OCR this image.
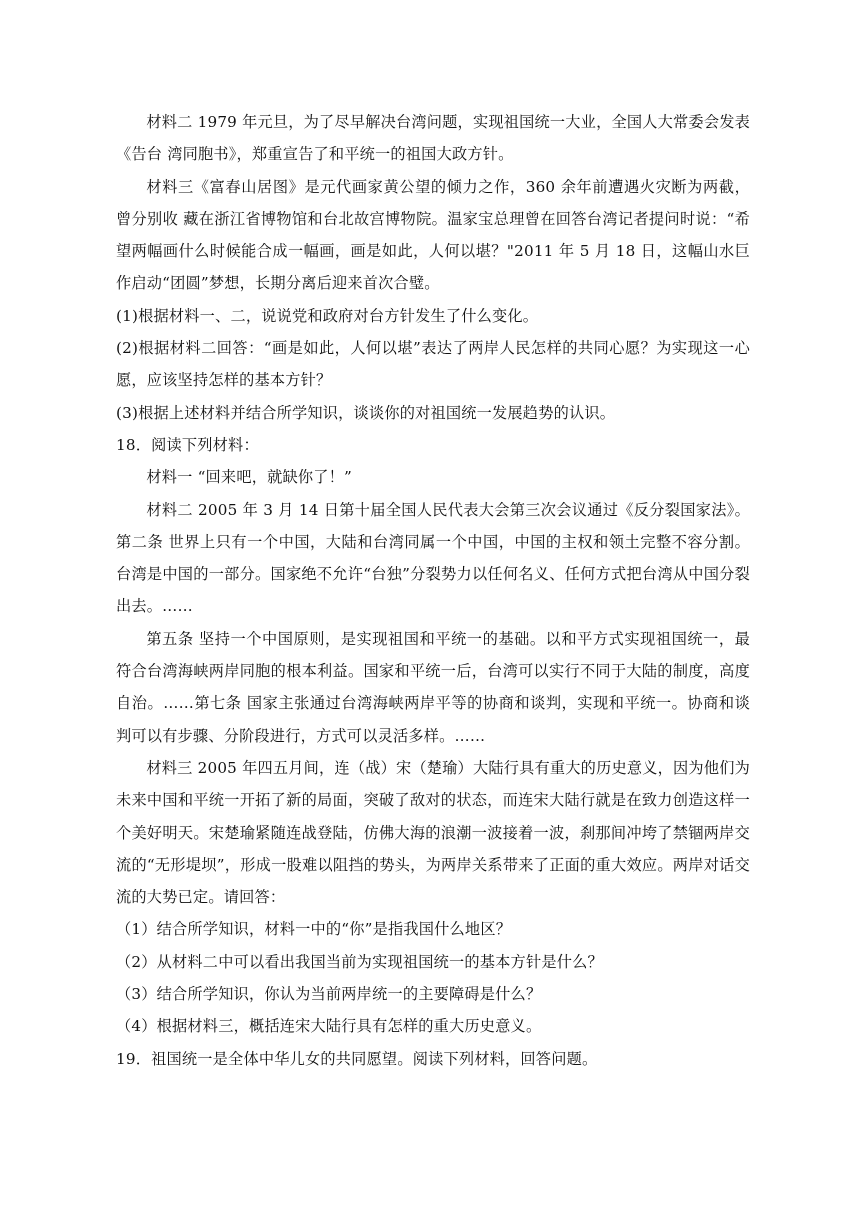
材料二 1979 年元旦，为了尽早解决台湾问题，实现祖国统一大业，全国人大常委会发表《告台 湾同胞书》，郑重宣告了和平统一的祖国大政方针。

材料三《富春山居图》是元代画家黄公望的倾力之作，360 余年前遭遇火灾断为两截，曾分别收 藏在浙江省博物馆和台北故宫博物院。温家宝总理曾在回答台湾记者提问时说：“希望两幅画什么时候能合成一幅画，画是如此，人何以堪？"2011 年 5 月 18 日，这幅山水巨作启动“团圆”梦想，长期分离后迎来首次合璧。

(1)根据材料一、二，说说党和政府对台方针发生了什么变化。

(2)根据材料二回答：“画是如此，人何以堪”表达了两岸人民怎样的共同心愿？为实现这一心愿，应该坚持怎样的基本方针？

(3)根据上述材料并结合所学知识，谈谈你的对祖国统一发展趋势的认识。

18．阅读下列材料：

材料一 “回来吧，就缺你了！”

材料二 2005 年 3 月 14 日第十届全国人民代表大会第三次会议通过《反分裂国家法》。第二条 世界上只有一个中国，大陆和台湾同属一个中国，中国的主权和领土完整不容分割。台湾是中国的一部分。国家绝不允许“台独”分裂势力以任何名义、任何方式把台湾从中国分裂出去。……

第五条 坚持一个中国原则，是实现祖国和平统一的基础。以和平方式实现祖国统一，最符合台湾海峡两岸同胞的根本利益。国家和平统一后，台湾可以实行不同于大陆的制度，高度自治。……第七条 国家主张通过台湾海峡两岸平等的协商和谈判，实现和平统一。协商和谈判可以有步骤、分阶段进行，方式可以灵活多样。……

材料三 2005 年四五月间，连（战）宋（楚瑜）大陆行具有重大的历史意义，因为他们为未来中国和平统一开拓了新的局面，突破了敌对的状态，而连宋大陆行就是在致力创造这样一个美好明天。宋楚瑜紧随连战登陆，仿佛大海的浪潮一波接着一波，刹那间冲垮了禁锢两岸交流的“无形堤坝”，形成一股难以阻挡的势头，为两岸关系带来了正面的重大效应。两岸对话交流的大势已定。请回答：

（1）结合所学知识，材料一中的“你”是指我国什么地区？

（2）从材料二中可以看出我国当前为实现祖国统一的基本方针是什么？

（3）结合所学知识，你认为当前两岸统一的主要障碍是什么？

（4）根据材料三，概括连宋大陆行具有怎样的重大历史意义。

19．祖国统一是全体中华儿女的共同愿望。阅读下列材料，回答问题。
